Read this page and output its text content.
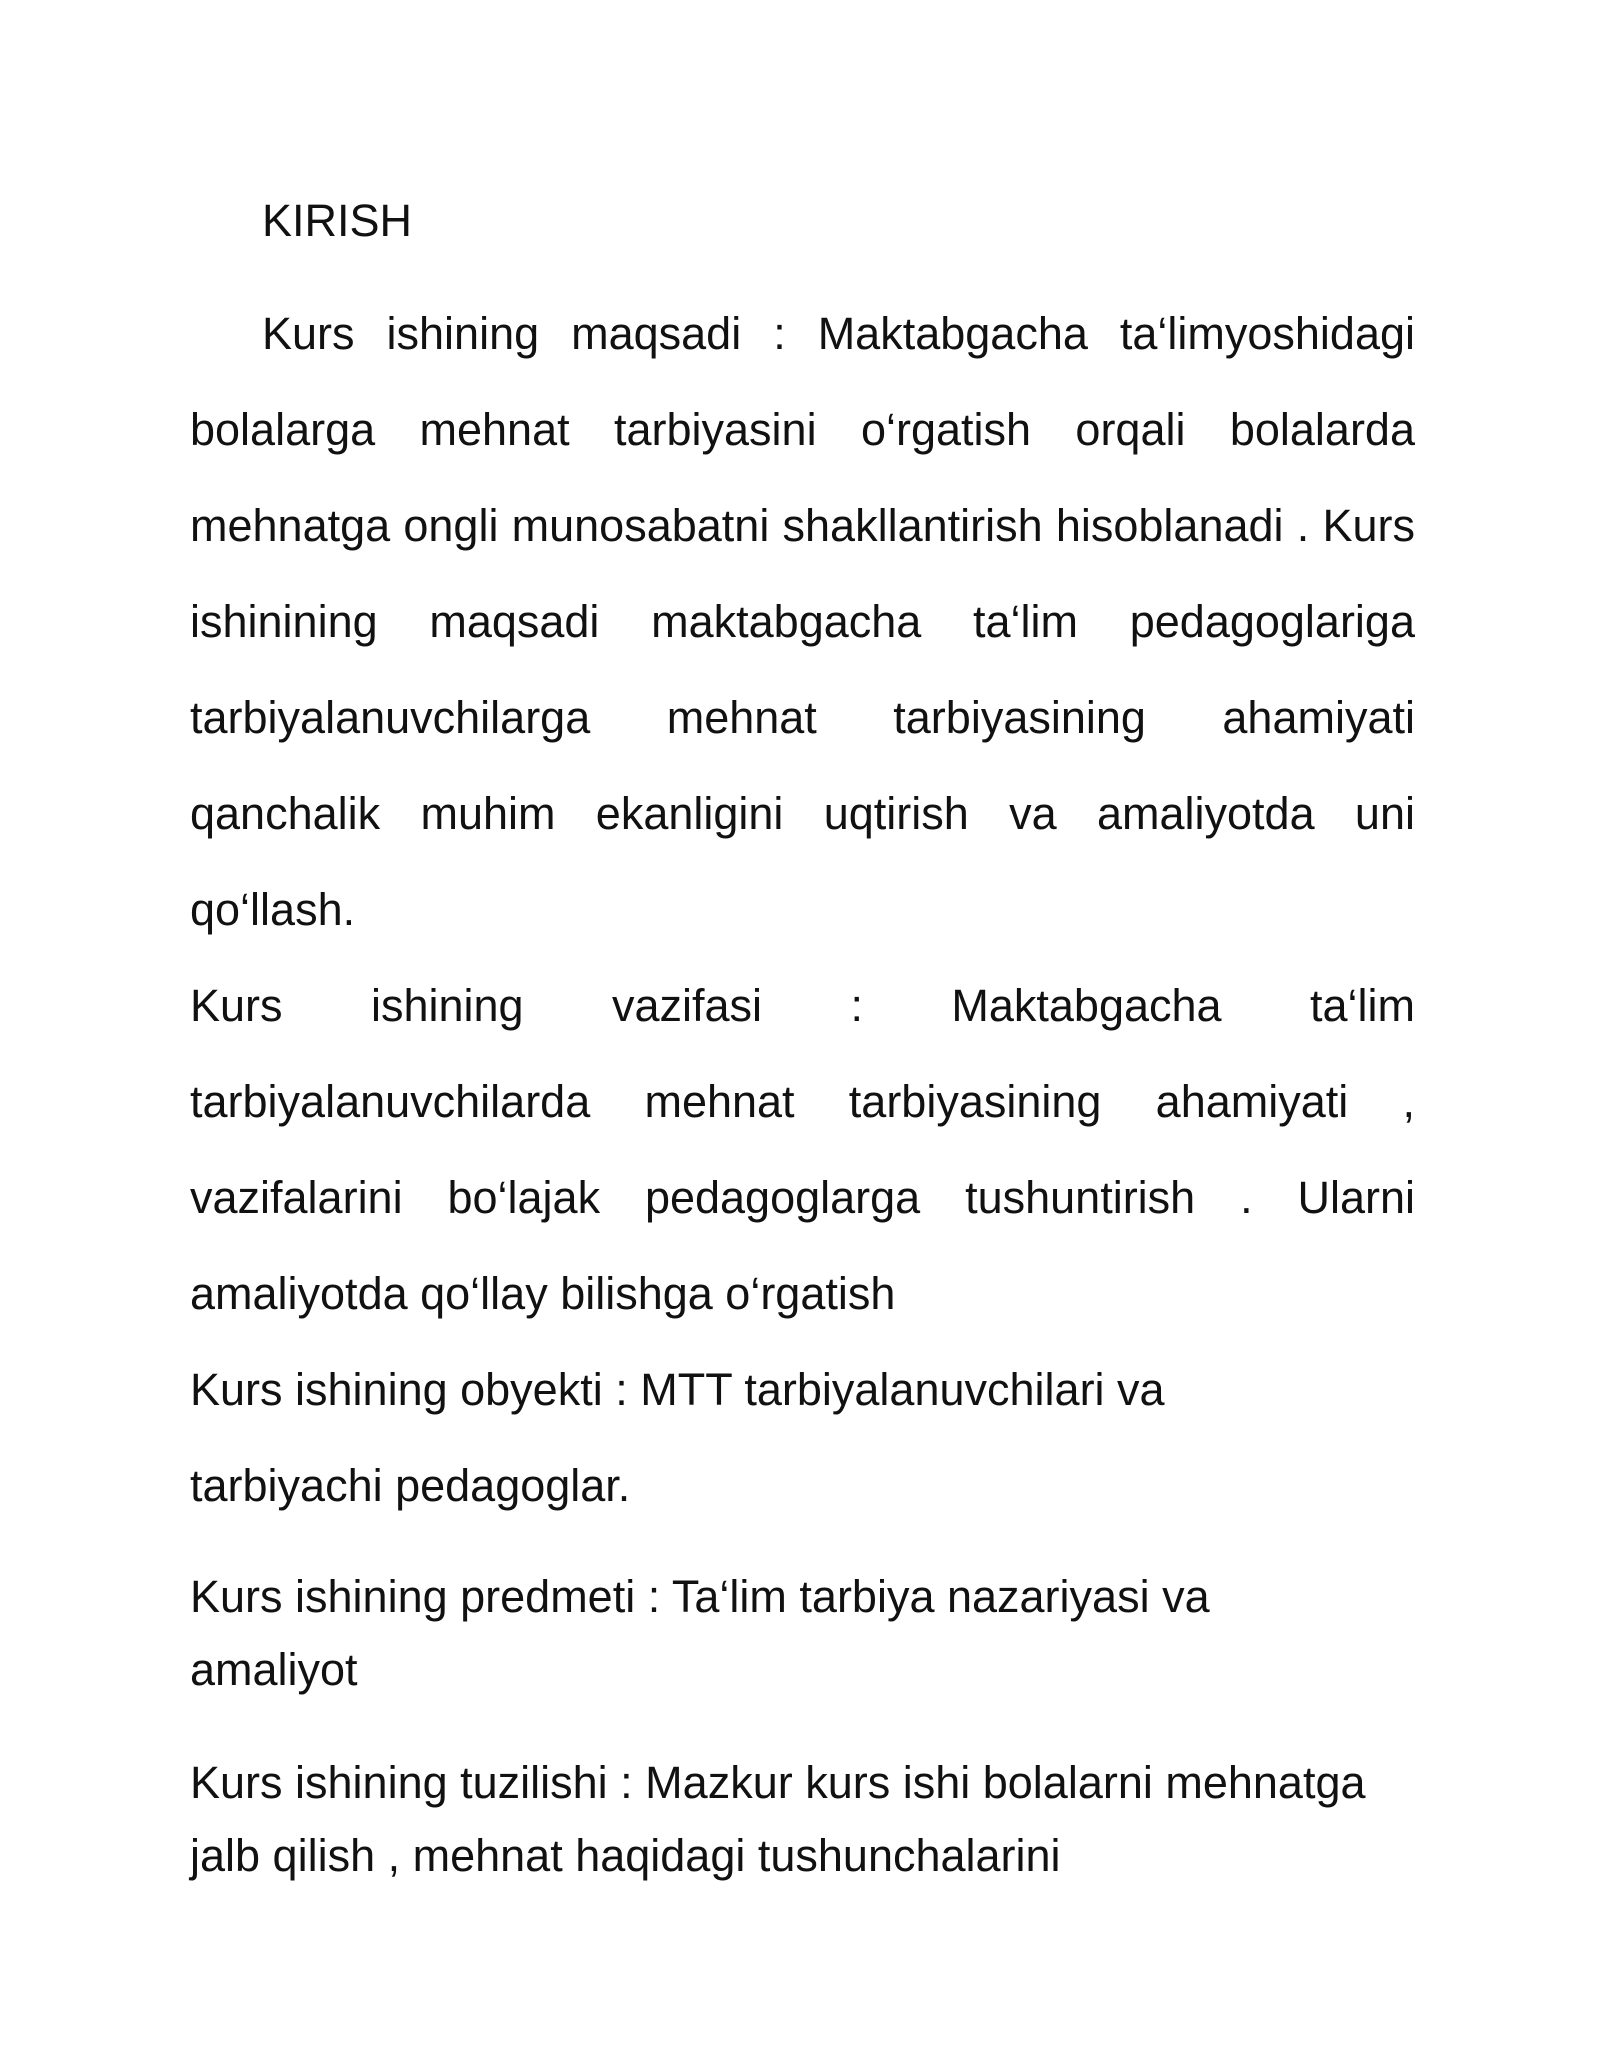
KIRISH

Kurs ishining maqsadi : Maktabgacha ta‘limyoshidagi bolalarga mehnat tarbiyasini o‘rgatish orqali bolalarda mehnatga ongli munosabatni shakllantirish hisoblanadi . Kurs ishinining maqsadi maktabgacha ta‘lim pedagoglariga tarbiyalanuvchilarga mehnat tarbiyasining ahamiyati qanchalik muhim ekanligini uqtirish va amaliyotda uni qo‘llash.

Kurs ishining vazifasi : Maktabgacha ta‘lim tarbiyalanuvchilarda mehnat tarbiyasining ahamiyati , vazifalarini bo‘lajak pedagoglarga tushuntirish . Ularni amaliyotda qo‘llay bilishga o‘rgatish

Kurs ishining obyekti : MTT tarbiyalanuvchilari va tarbiyachi pedagoglar.

Kurs ishining predmeti : Ta‘lim tarbiya nazariyasi va amaliyot

Kurs ishining tuzilishi : Mazkur kurs ishi bolalarni mehnatga jalb qilish , mehnat haqidagi tushunchalarini
